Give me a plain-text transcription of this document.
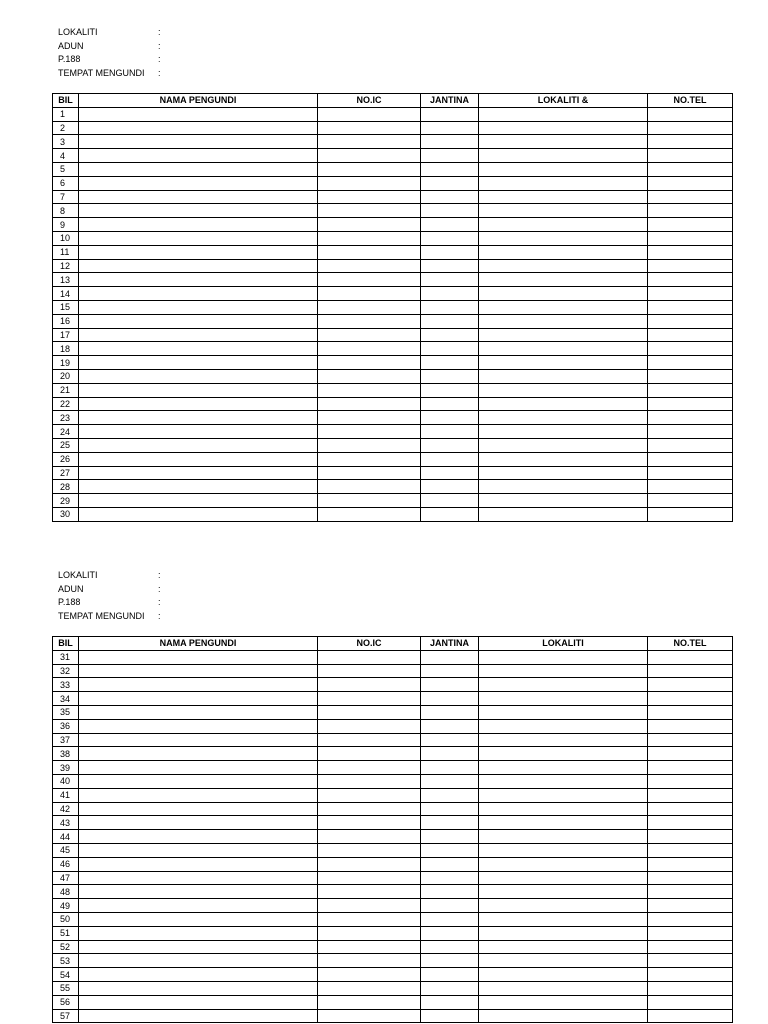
LOKALITI	:
ADUN	:
P.188	:
TEMPAT MENGUNDI :
BIL	NAMA PENGUNDI	NO.IC	JANTINA	LOKALITI &	NO.TEL
1					
2					
3					
4					
5					
6					
7					
8					
9					
10					
11					
12					
13					
14					
15					
16					
17					
18					
19					
20					
21					
22					
23					
24					
25					
26					
27					
28					
29					
30					
LOKALITI	:
ADUN	:
P.188	:
TEMPAT MENGUNDI :
BIL	NAMA PENGUNDI	NO.IC	JANTINA	LOKALITI	NO.TEL
31					
32					
33					
34					
35					
36					
37					
38					
39					
40					
41					
42					
43					
44					
45					
46					
47					
48					
49					
50					
51					
52					
53					
54					
55					
56					
57					
